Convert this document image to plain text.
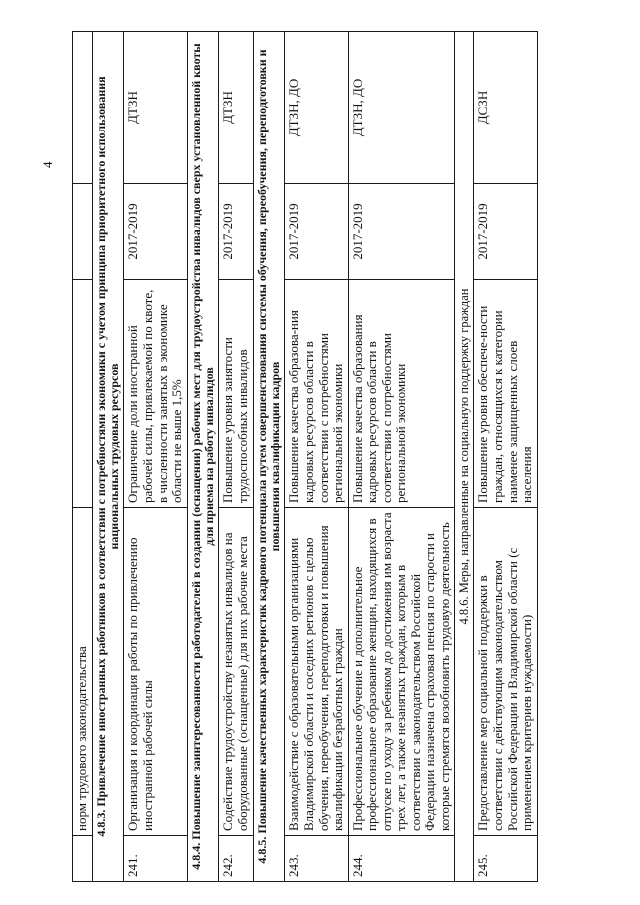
4
	норм трудового законодательства			
4.8.3. Привлечение иностранных работников в соответствии с потребностями экономики с учетом принципа приоритетного использования национальных трудовых ресурсов				
241.	Организация и координация работы по привлечению иностранной рабочей силы	Ограничение доли иностранной рабочей силы, привлекаемой по квоте, в численности занятых в экономике области не выше 1,5%	2017-2019	ДТЗН
4.8.4. Повышение заинтересованности работодателей в создании (оснащении) рабочих мест для трудоустройства инвалидов сверх установленной квоты для приема на работу инвалидов				
242.	Содействие трудоустройству незанятых инвалидов на оборудованные (оснащенные) для них рабочие места	Повышение уровня занятости трудоспособных инвалидов	2017-2019	ДТЗН
4.8.5. Повышение качественных характеристик кадрового потенциала путем совершенствования системы обучения, переобучения, переподготовки и повышения квалификации кадров				
243.	Взаимодействие с образовательными организациями Владимирской области и соседних регионов с целью обучения, переобучения, переподготовки и повышения квалификации безработных граждан	Повышение качества образова-ния кадровых ресурсов области в соответствии с потребностями региональной экономики	2017-2019	ДТЗН, ДО
244.	Профессиональное обучение и дополнительное профессиональное образование женщин, находящихся в отпуске по уходу за ребенком до достижения им возраста трех лет, а также незанятых граждан, которым в соответствии с законодательством Российской Федерации назначена страховая пенсия по старости и которые стремятся возобновить трудовую деятельность	Повышение качества образования кадровых ресурсов области в соответствии с потребностями региональной экономики	2017-2019	ДТЗН, ДО
4.8.6. Меры, направленные на социальную поддержку граждан				
245.	Предоставление мер социальной поддержки в соответствии с действующим законодательством Российской Федерации и Владимирской области (с применением критериев нуждаемости)	Повышение уровня обеспече-ности граждан, относящихся к категории наименее защищенных слоев населения	2017-2019	ДСЗН
